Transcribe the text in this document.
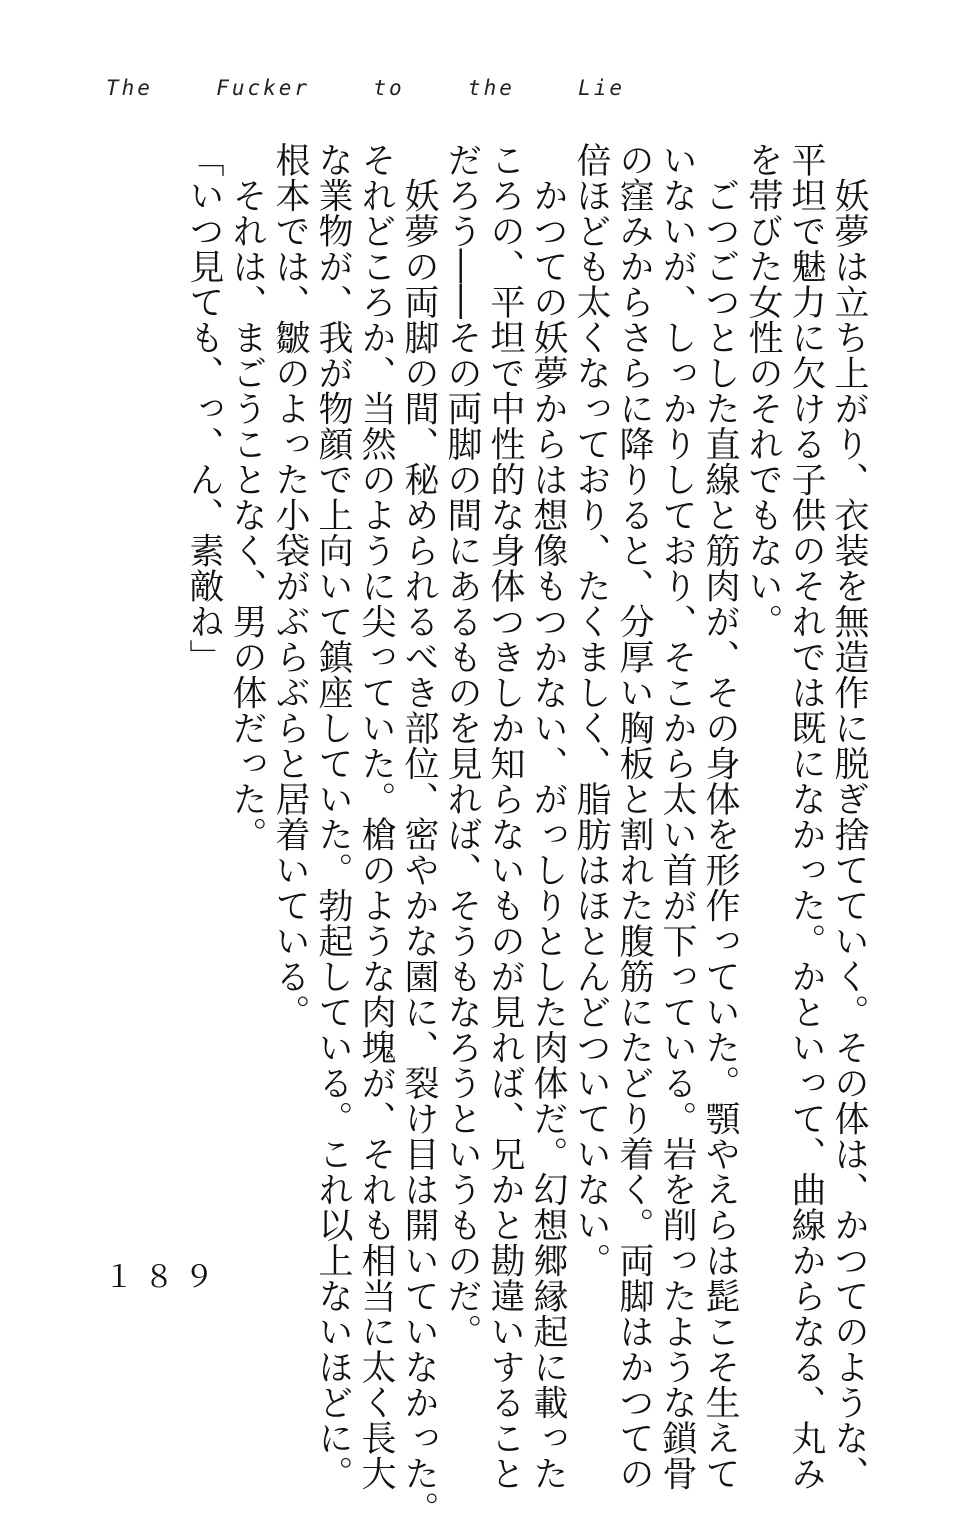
The  Fucker  to  the  Lie

　妖夢は立ち上がり、衣装を無造作に脱ぎ捨てていく。その体は、かつてのような、

平坦で魅力に欠ける子供のそれでは既になかった。かといって、曲線からなる、丸み

を帯びた女性のそれでもない。

　ごつごつとした直線と筋肉が、その身体を形作っていた。顎やえらは髭こそ生えて

いないが、しっかりしており、そこから太い首が下っている。岩を削ったような鎖骨

の窪みからさらに降りると、分厚い胸板と割れた腹筋にたどり着く。両脚はかつての

倍ほども太くなっており、たくましく、脂肪はほとんどついていない。

　かつての妖夢からは想像もつかない、がっしりとした肉体だ。幻想郷縁起に載った

ころの、平坦で中性的な身体つきしか知らないものが見れば、兄かと勘違いすること

だろう――その両脚の間にあるものを見れば、そうもなろうというものだ。

　妖夢の両脚の間、秘められるべき部位、密やかな園に、裂け目は開いていなかった。

それどころか、当然のように尖っていた。槍のような肉塊が、それも相当に太く長大

な業物が、我が物顔で上向いて鎮座していた。勃起している。これ以上ないほどに。

根本では、皺のよった小袋がぶらぶらと居着いている。

　それは、まごうことなく、男の体だった。

「いつ見ても、っ、ん、素敵ね」

１８９
